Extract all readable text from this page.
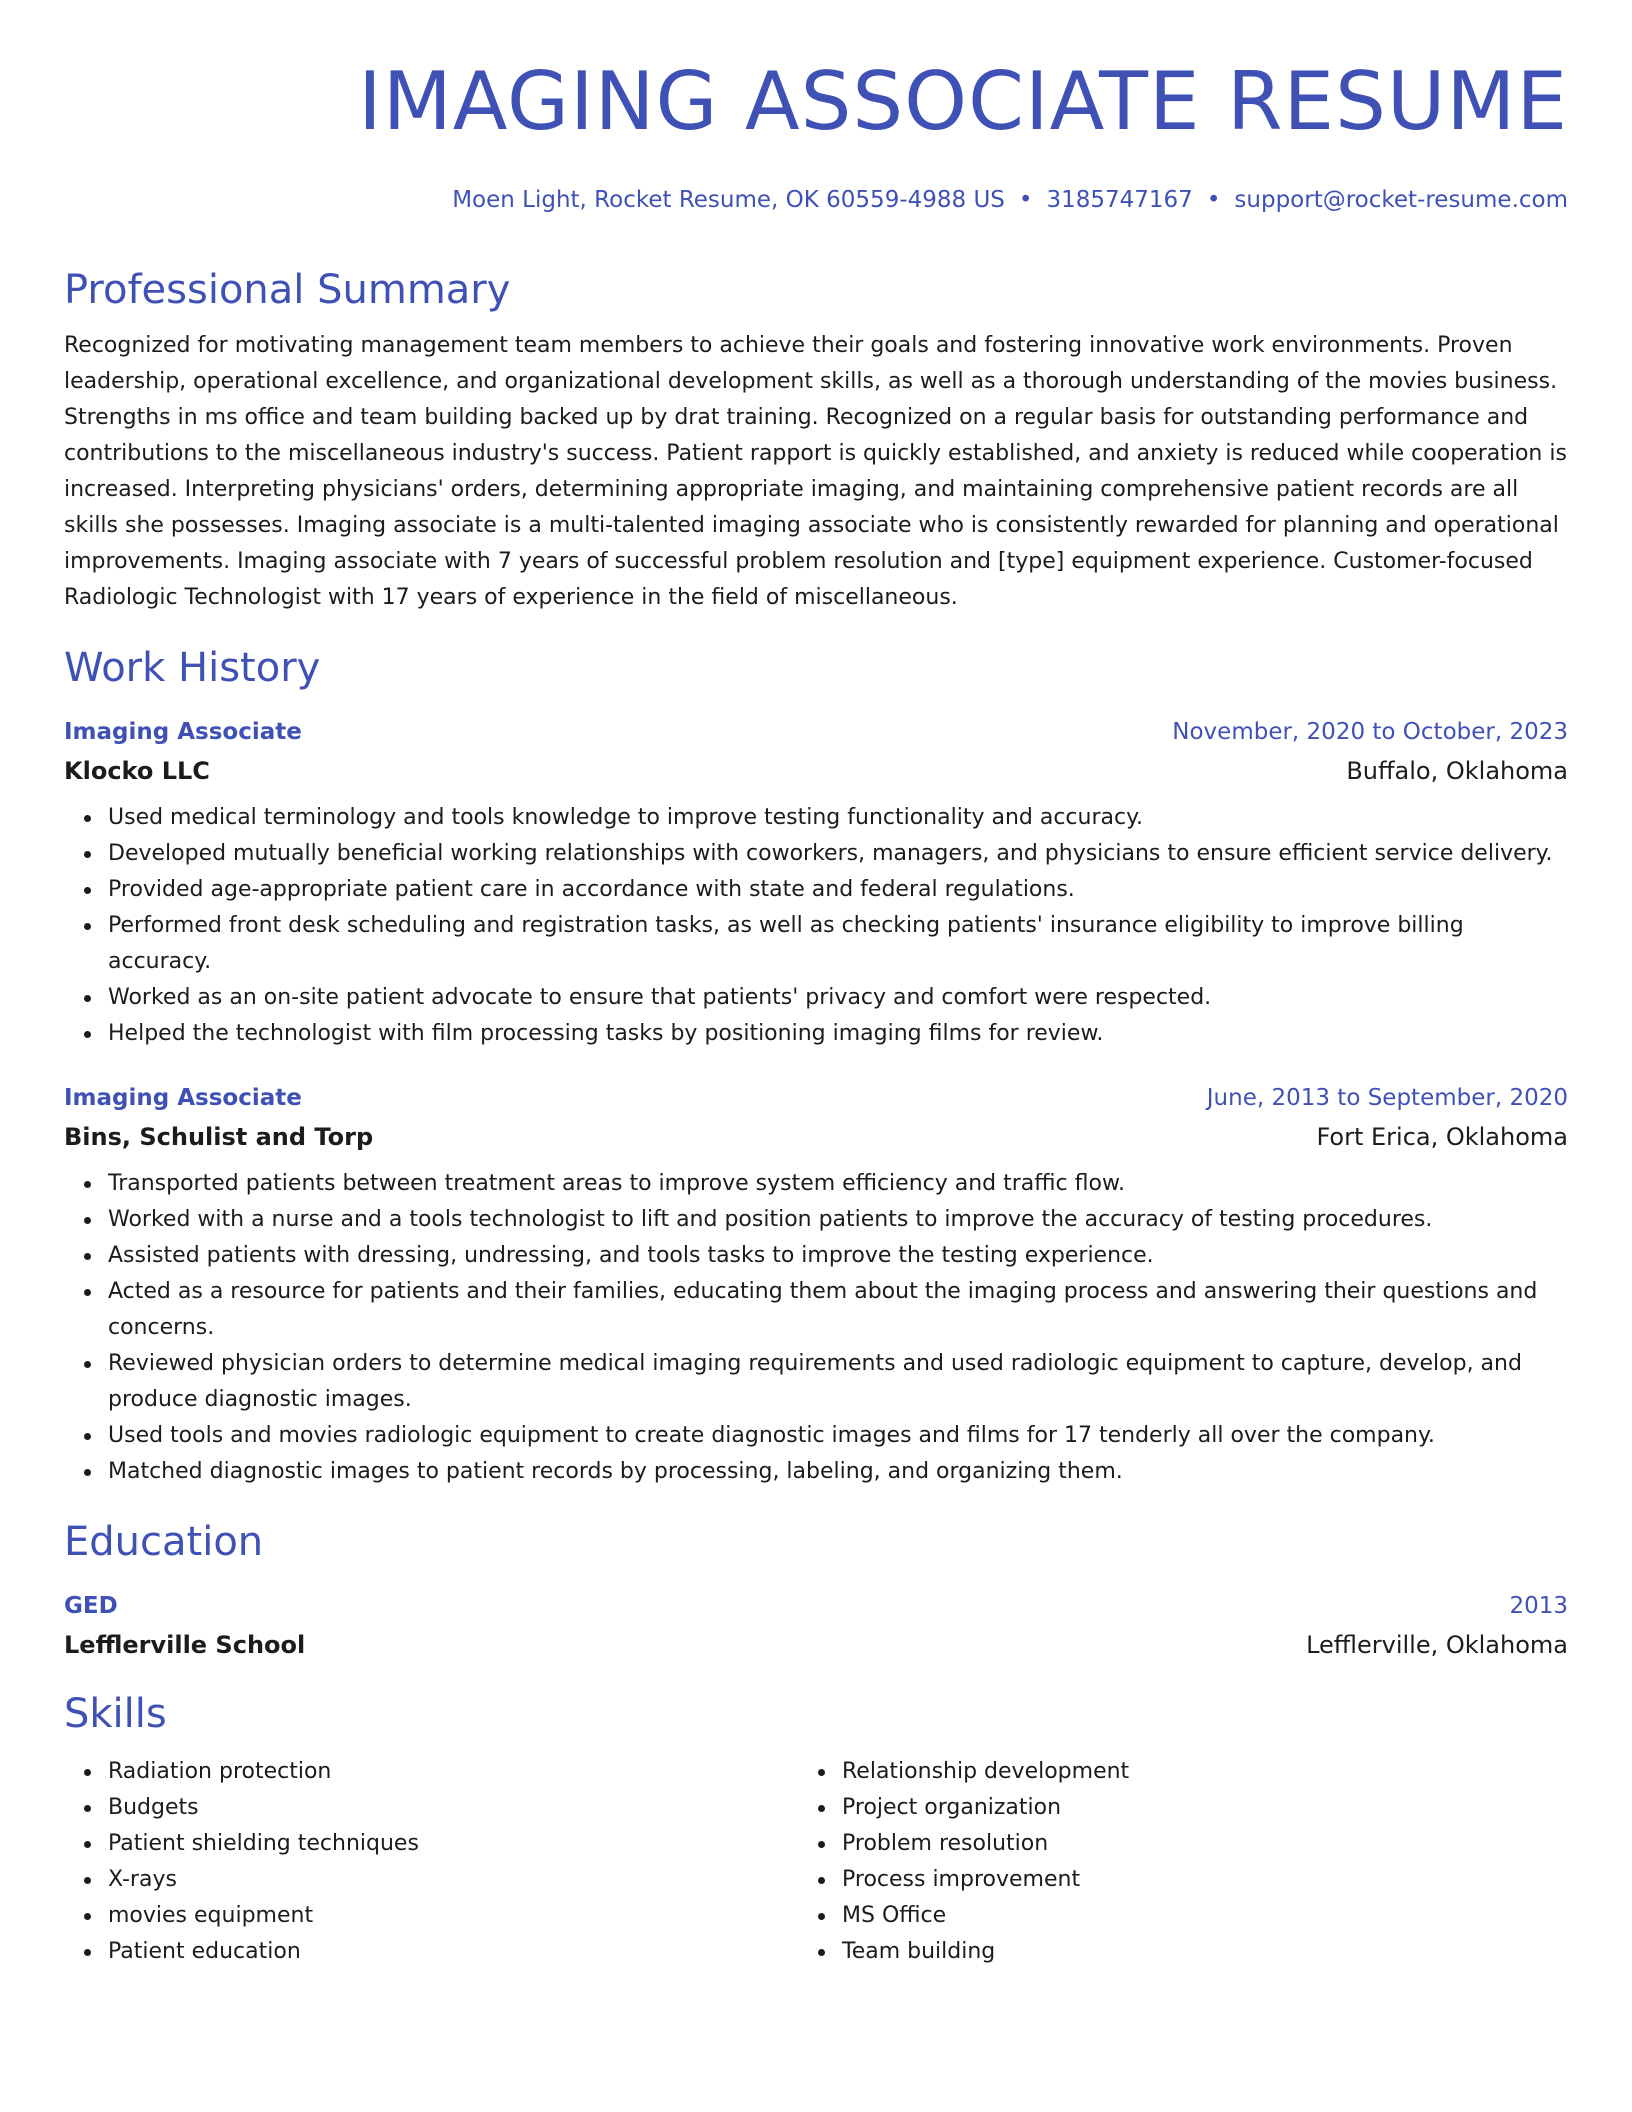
IMAGING ASSOCIATE RESUME
Moen Light, Rocket Resume, OK 60559-4988 US • 3185747167 • support@rocket-resume.com
Professional Summary
Recognized for motivating management team members to achieve their goals and fostering innovative work environments. Proven leadership, operational excellence, and organizational development skills, as well as a thorough understanding of the movies business. Strengths in ms office and team building backed up by drat training. Recognized on a regular basis for outstanding performance and contributions to the miscellaneous industry's success. Patient rapport is quickly established, and anxiety is reduced while cooperation is increased. Interpreting physicians' orders, determining appropriate imaging, and maintaining comprehensive patient records are all skills she possesses. Imaging associate is a multi-talented imaging associate who is consistently rewarded for planning and operational improvements. Imaging associate with 7 years of successful problem resolution and [type] equipment experience. Customer-focused Radiologic Technologist with 17 years of experience in the field of miscellaneous.
Work History
Imaging Associate	November, 2020 to October, 2023
Klocko LLC	Buffalo, Oklahoma
Used medical terminology and tools knowledge to improve testing functionality and accuracy.
Developed mutually beneficial working relationships with coworkers, managers, and physicians to ensure efficient service delivery.
Provided age-appropriate patient care in accordance with state and federal regulations.
Performed front desk scheduling and registration tasks, as well as checking patients' insurance eligibility to improve billing accuracy.
Worked as an on-site patient advocate to ensure that patients' privacy and comfort were respected.
Helped the technologist with film processing tasks by positioning imaging films for review.
Imaging Associate	June, 2013 to September, 2020
Bins, Schulist and Torp	Fort Erica, Oklahoma
Transported patients between treatment areas to improve system efficiency and traffic flow.
Worked with a nurse and a tools technologist to lift and position patients to improve the accuracy of testing procedures.
Assisted patients with dressing, undressing, and tools tasks to improve the testing experience.
Acted as a resource for patients and their families, educating them about the imaging process and answering their questions and concerns.
Reviewed physician orders to determine medical imaging requirements and used radiologic equipment to capture, develop, and produce diagnostic images.
Used tools and movies radiologic equipment to create diagnostic images and films for 17 tenderly all over the company.
Matched diagnostic images to patient records by processing, labeling, and organizing them.
Education
GED	2013
Lefflerville School	Lefflerville, Oklahoma
Skills
Radiation protection
Budgets
Patient shielding techniques
X-rays
movies equipment
Patient education
Relationship development
Project organization
Problem resolution
Process improvement
MS Office
Team building
